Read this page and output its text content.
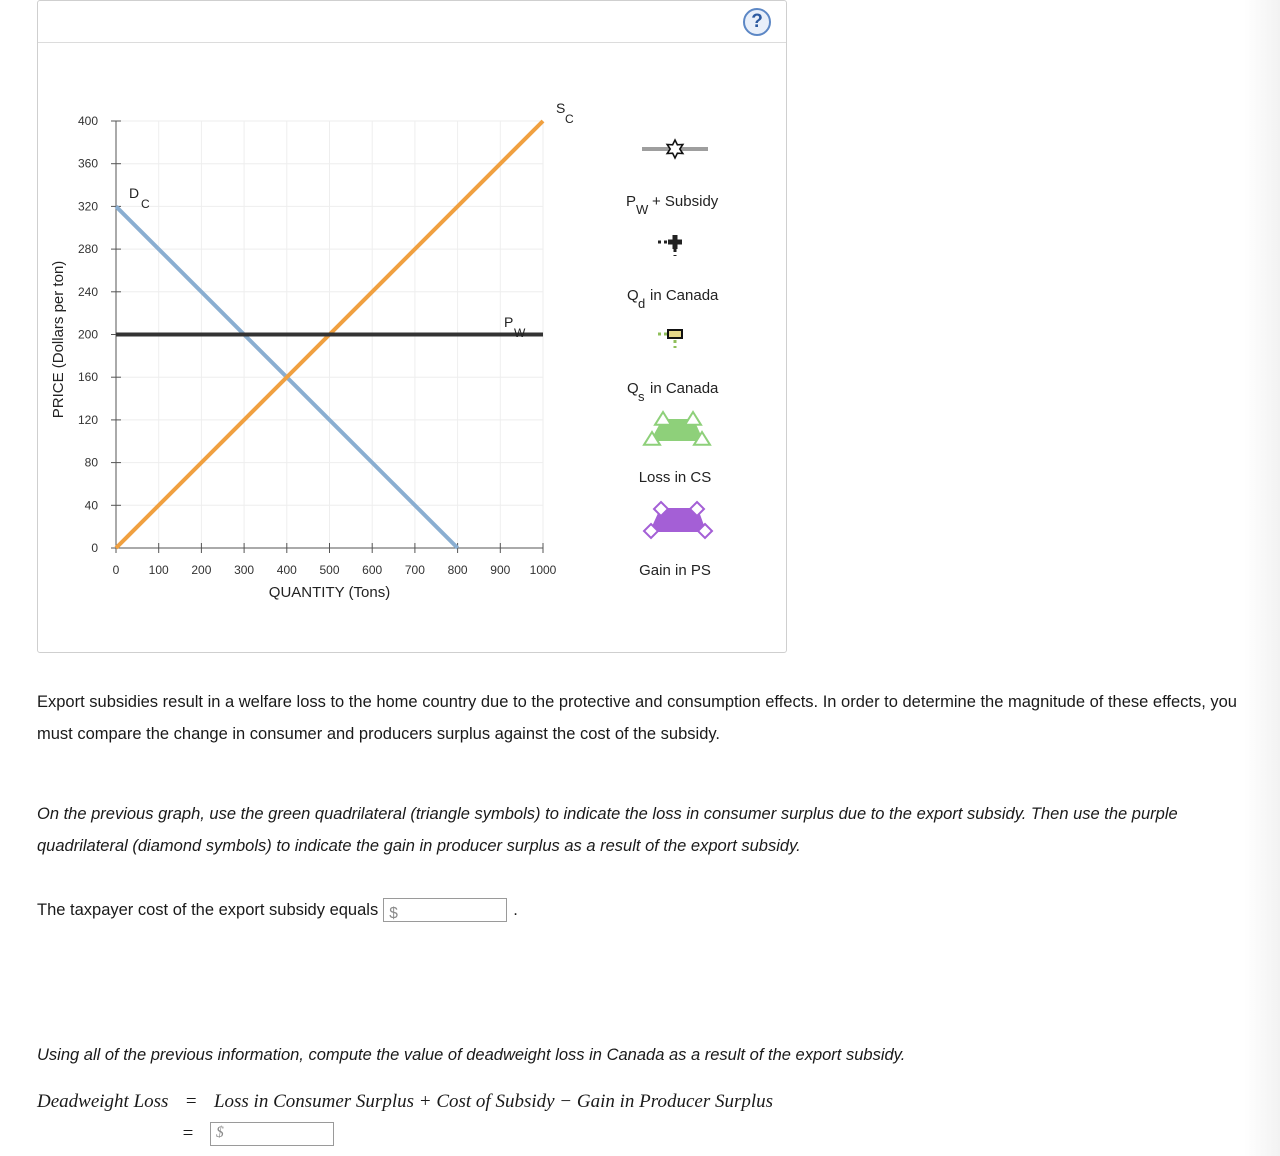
?
0
40
80
120
160
200
240
280
320
360
400
0 100 200 300 400 500 600 700 800 900 1000
QUANTITY (Tons)
PRICE (Dollars per ton)
D
C
S
C
P
W
P W + Subsidy
Q d in Canada
Q s in Canada
Loss in CS
Gain in PS
Export subsidies result in a welfare loss to the home country due to the protective and consumption effects. In order to determine the magnitude of these effects, you must compare the change in consumer and producers surplus against the cost of the subsidy.
On the previous graph, use the green quadrilateral (triangle symbols) to indicate the loss in consumer surplus due to the export subsidy. Then use the purple quadrilateral (diamond symbols) to indicate the gain in producer surplus as a result of the export subsidy.
The taxpayer cost of the export subsidy equals $	.
Using all of the previous information, compute the value of deadweight loss in Canada as a result of the export subsidy.
Deadweight Loss = Loss in Consumer Surplus + Cost of Subsidy − Gain in Producer Surplus
=	$
